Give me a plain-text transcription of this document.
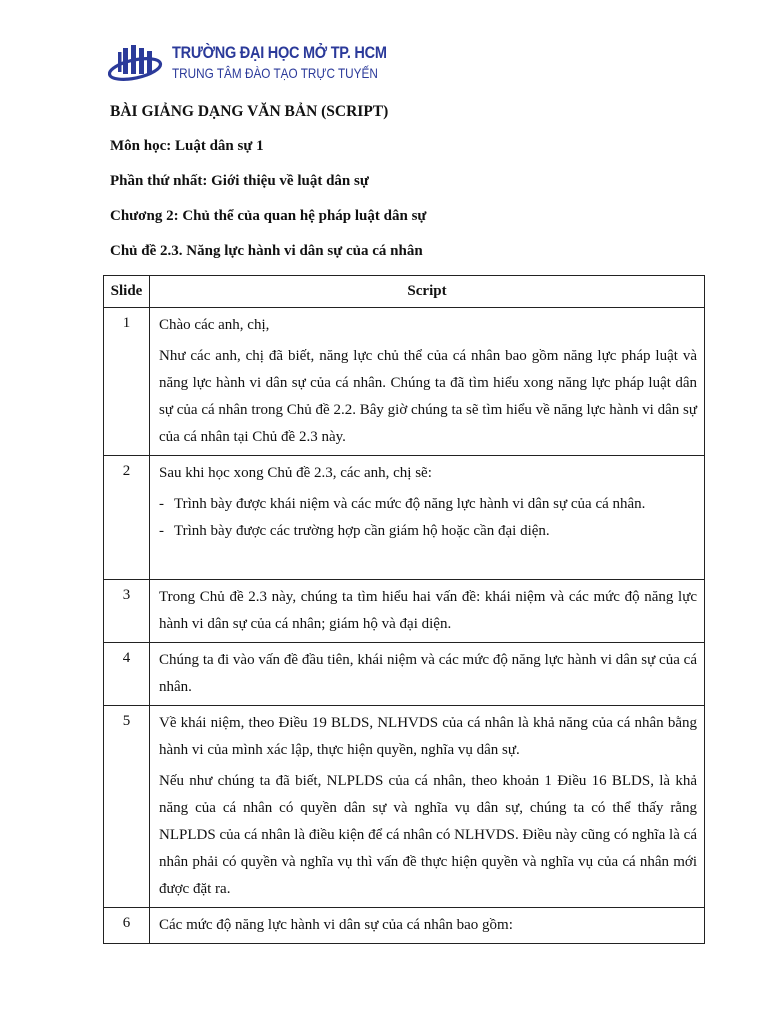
TRƯỜNG ĐẠI HỌC MỞ TP. HCM
TRUNG TÂM ĐÀO TẠO TRỰC TUYẾN
BÀI GIẢNG DẠNG VĂN BẢN (SCRIPT)
Môn học: Luật dân sự 1
Phần thứ nhất: Giới thiệu về luật dân sự
Chương 2: Chủ thể của quan hệ pháp luật dân sự
Chủ đề 2.3. Năng lực hành vi dân sự của cá nhân
Slide	Script
1	Chào các anh, chị,

Như các anh, chị đã biết, năng lực chủ thể của cá nhân bao gồm năng lực pháp luật và năng lực hành vi dân sự của cá nhân. Chúng ta đã tìm hiểu xong năng lực pháp luật dân sự của cá nhân trong Chủ đề 2.2. Bây giờ chúng ta sẽ tìm hiểu về năng lực hành vi dân sự của cá nhân tại Chủ đề 2.3 này.

2	Sau khi học xong Chủ đề 2.3, các anh, chị sẽ:

- Trình bày được khái niệm và các mức độ năng lực hành vi dân sự của cá nhân.
- Trình bày được các trường hợp cần giám hộ hoặc cần đại diện.

3	Trong Chủ đề 2.3 này, chúng ta tìm hiểu hai vấn đề: khái niệm và các mức độ năng lực hành vi dân sự của cá nhân; giám hộ và đại diện.

4	Chúng ta đi vào vấn đề đầu tiên, khái niệm và các mức độ năng lực hành vi dân sự của cá nhân.

5	Về khái niệm, theo Điều 19 BLDS, NLHVDS của cá nhân là khả năng của cá nhân bằng hành vi của mình xác lập, thực hiện quyền, nghĩa vụ dân sự.

Nếu như chúng ta đã biết, NLPLDS của cá nhân, theo khoản 1 Điều 16 BLDS, là khả năng của cá nhân có quyền dân sự và nghĩa vụ dân sự, chúng ta có thể thấy rằng NLPLDS của cá nhân là điều kiện để cá nhân có NLHVDS. Điều này cũng có nghĩa là cá nhân phải có quyền và nghĩa vụ thì vấn đề thực hiện quyền và nghĩa vụ của cá nhân mới được đặt ra.

6	Các mức độ năng lực hành vi dân sự của cá nhân bao gồm:
